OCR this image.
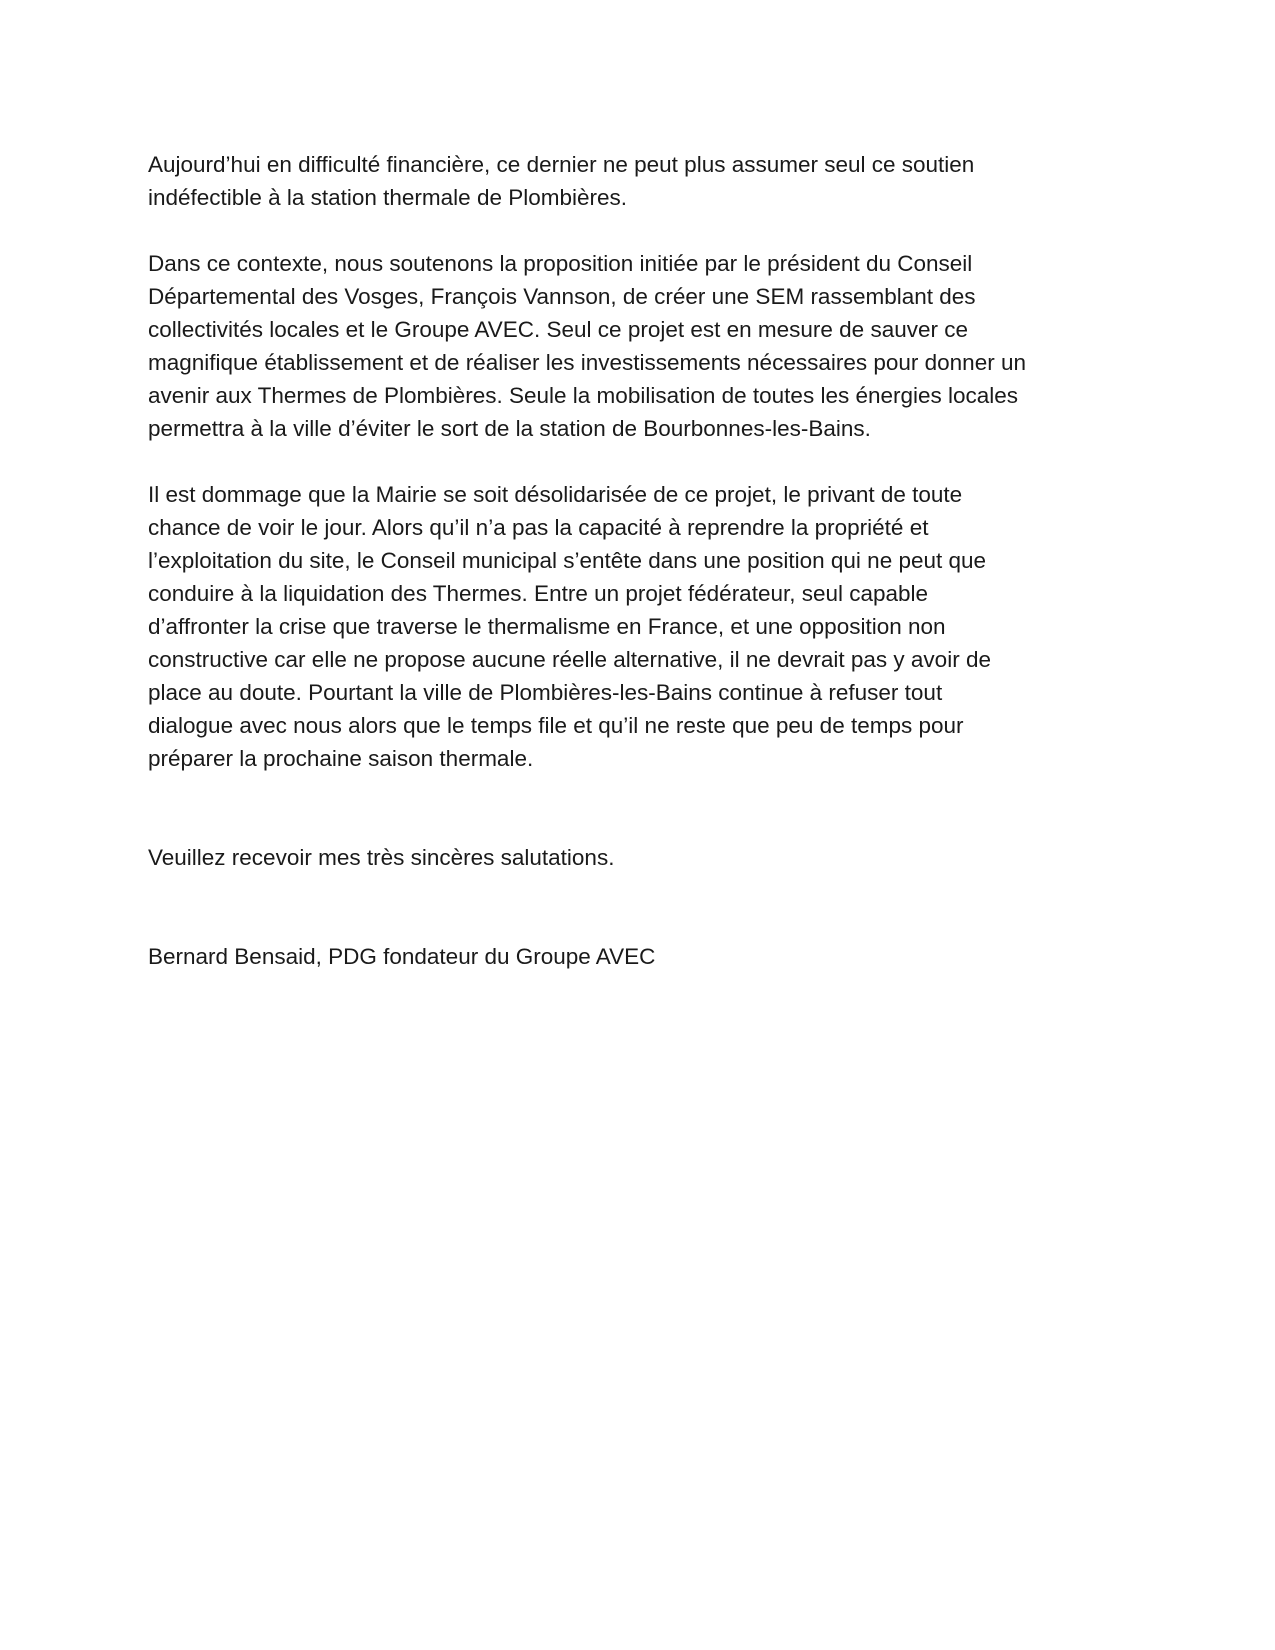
Aujourd’hui en difficulté financière, ce dernier ne peut plus assumer seul ce soutien
indéfectible à la station thermale de Plombières.

Dans ce contexte, nous soutenons la proposition initiée par le président du Conseil
Départemental des Vosges, François Vannson, de créer une SEM rassemblant des
collectivités locales et le Groupe AVEC. Seul ce projet est en mesure de sauver ce
magnifique établissement et de réaliser les investissements nécessaires pour donner un
avenir aux Thermes de Plombières. Seule la mobilisation de toutes les énergies locales
permettra à la ville d’éviter le sort de la station de Bourbonnes-les-Bains.

Il est dommage que la Mairie se soit désolidarisée de ce projet, le privant de toute
chance de voir le jour. Alors qu’il n’a pas la capacité à reprendre la propriété et
l’exploitation du site, le Conseil municipal s’entête dans une position qui ne peut que
conduire à la liquidation des Thermes. Entre un projet fédérateur, seul capable
d’affronter la crise que traverse le thermalisme en France, et une opposition non
constructive car elle ne propose aucune réelle alternative, il ne devrait pas y avoir de
place au doute. Pourtant la ville de Plombières-les-Bains continue à refuser tout
dialogue avec nous alors que le temps file et qu’il ne reste que peu de temps pour
préparer la prochaine saison thermale.

Veuillez recevoir mes très sincères salutations.

Bernard Bensaid, PDG fondateur du Groupe AVEC
